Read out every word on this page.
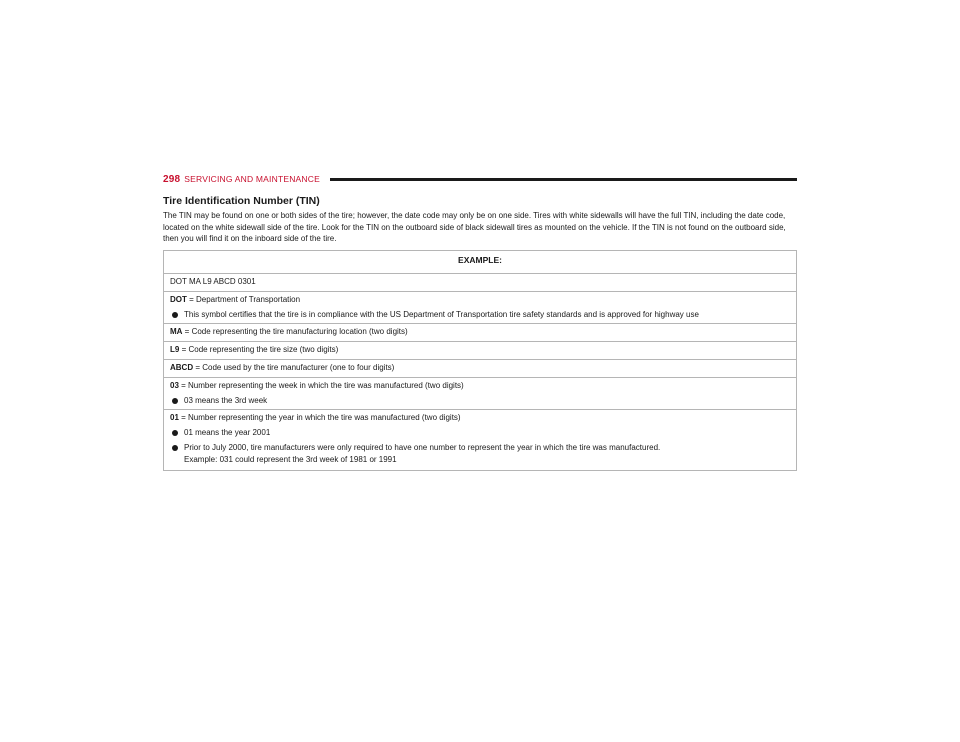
298 SERVICING AND MAINTENANCE
Tire Identification Number (TIN)

The TIN may be found on one or both sides of the tire; however, the date code may only be on one side. Tires with white sidewalls will have the full TIN, including the date code, located on the white sidewall side of the tire. Look for the TIN on the outboard side of black sidewall tires as mounted on the vehicle. If the TIN is not found on the outboard side, then you will find it on the inboard side of the tire.

EXAMPLE:
DOT MA L9 ABCD 0301

DOT = Department of Transportation
This symbol certifies that the tire is in compliance with the US Department of Transportation tire safety standards and is approved for highway use

MA = Code representing the tire manufacturing location (two digits)
L9 = Code representing the tire size (two digits)
ABCD = Code used by the tire manufacturer (one to four digits)

03 = Number representing the week in which the tire was manufactured (two digits)
03 means the 3rd week

01 = Number representing the year in which the tire was manufactured (two digits)
01 means the year 2001
Prior to July 2000, tire manufacturers were only required to have one number to represent the year in which the tire was manufactured.
Example: 031 could represent the 3rd week of 1981 or 1991
